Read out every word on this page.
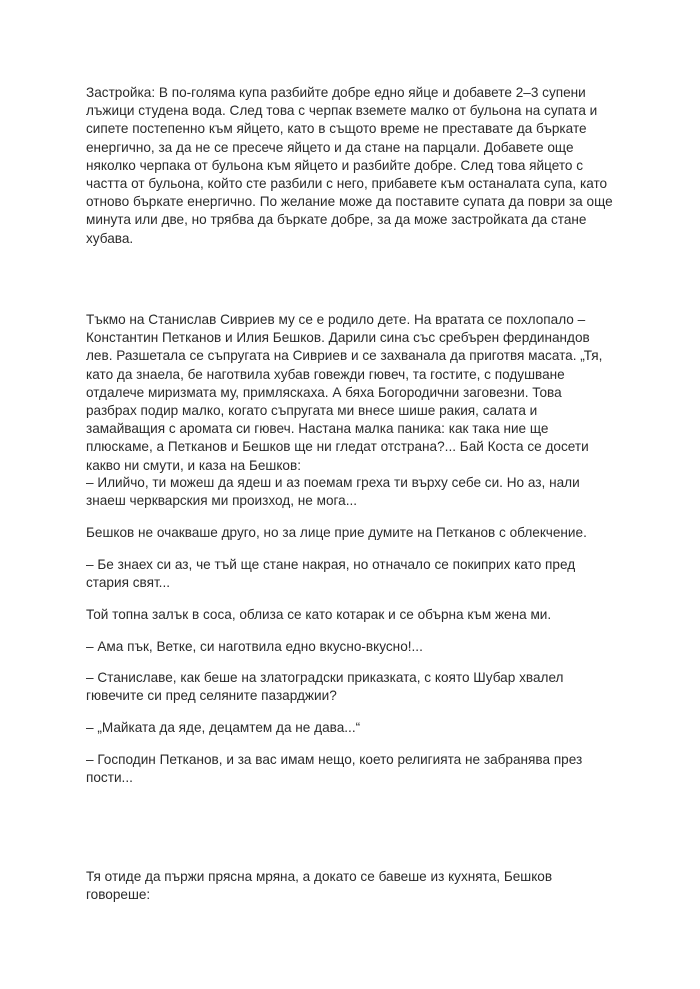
Застройка: В по-голяма купа разбийте добре едно яйце и добавете 2–3 супени лъжици студена вода. След това с черпак вземете малко от бульона на супата и сипете постепенно към яйцето, като в същото време не преставате да бъркате енергично, за да не се пресече яйцето и да стане на парцали. Добавете още няколко черпака от бульона към яйцето и разбийте добре. След това яйцето с частта от бульона, който сте разбили с него, прибавете към останалата супа, като отново бъркате енергично. По желание може да поставите супата да поври за още минута или две, но трябва да бъркате добре, за да може застройката да стане хубава.

Тъкмо на Станислав Сивриев му се е родило дете. На вратата се похлопало – Константин Петканов и Илия Бешков. Дарили сина със сребърен фердинандов лев. Разшетала се съпругата на Сивриев и се захванала да приготвя масата. „Тя, като да знаела, бе наготвила хубав говежди гювеч, та гостите, с подушване отдалече миризмата му, примляскаха. А бяха Богородични заговезни. Това разбрах подир малко, когато съпругата ми внесе шише ракия, салата и замайващия с аромата си гювеч. Настана малка паника: как така ние ще плюскаме, а Петканов и Бешков ще ни гледат отстрана?... Бай Коста се досети какво ни смути, и каза на Бешков:

– Илийчо, ти можеш да ядеш и аз поемам греха ти върху себе си. Но аз, нали знаеш черкварския ми произход, не мога...

Бешков не очакваше друго, но за лице прие думите на Петканов с облекчение.

– Бе знаех си аз, че тъй ще стане накрая, но отначало се покиприх като пред стария свят...

Той топна залък в соса, облиза се като котарак и се обърна към жена ми.

– Ама пък, Ветке, си наготвила едно вкусно-вкусно!...

– Станиславе, как беше на златоградски приказката, с която Шубар хвалел гювечите си пред селяните пазарджии?

– „Майката да яде, децамтем да не дава...“

– Господин Петканов, и за вас имам нещо, което религията не забранява през пости...

Тя отиде да пържи прясна мряна, а докато се бавеше из кухнята, Бешков говореше:
